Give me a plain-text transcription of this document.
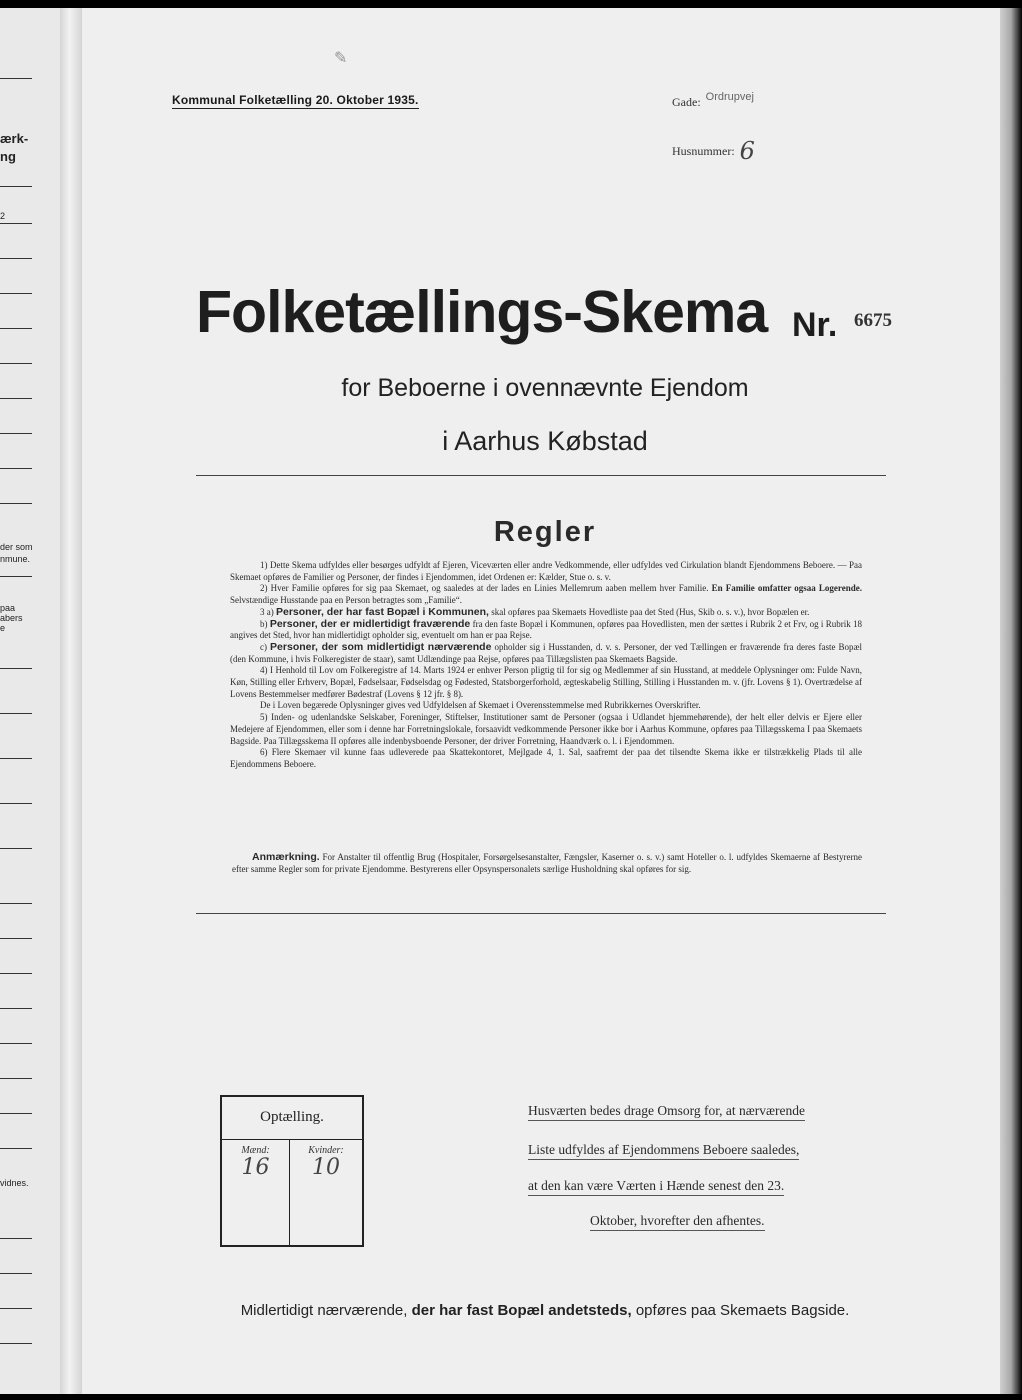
ærk-
ng
2
der som
nmune.
paa
abers
e
vidnes.
✎
Kommunal Folketælling 20. Oktober 1935.	Gade: Ordrupvej
Husnummer: 6
Folketællings-Skema Nr. 6675
for Beboerne i ovennævnte Ejendom
i Aarhus Købstad
Regler

1) Dette Skema udfyldes eller besørges udfyldt af Ejeren, Viceværten eller andre Vedkommende, eller udfyldes ved Cirkulation blandt Ejendommens Beboere. — Paa Skemaet opføres de Familier og Personer, der findes i Ejendommen, idet Ordenen er: Kælder, Stue o. s. v.

2) Hver Familie opføres for sig paa Skemaet, og saaledes at der lades en Linies Mellemrum aaben mellem hver Familie. En Familie omfatter ogsaa Logerende. Selvstændige Husstande paa en Person betragtes som „Familie“.

3 a) Personer, der har fast Bopæl i Kommunen, skal opføres paa Skemaets Hovedliste paa det Sted (Hus, Skib o. s. v.), hvor Bopælen er.

b) Personer, der er midlertidigt fraværende fra den faste Bopæl i Kommunen, opføres paa Hovedlisten, men der sættes i Rubrik 2 et Frv, og i Rubrik 18 angives det Sted, hvor han midlertidigt opholder sig, eventuelt om han er paa Rejse.

c) Personer, der som midlertidigt nærværende opholder sig i Husstanden, d. v. s. Personer, der ved Tællingen er fraværende fra deres faste Bopæl (den Kommune, i hvis Folkeregister de staar), samt Udlændinge paa Rejse, opføres paa Tillægslisten paa Skemaets Bagside.

4) I Henhold til Lov om Folkeregistre af 14. Marts 1924 er enhver Person pligtig til for sig og Medlemmer af sin Husstand, at meddele Oplysninger om: Fulde Navn, Køn, Stilling eller Erhverv, Bopæl, Fødselsaar, Fødselsdag og Fødested, Statsborgerforhold, ægteskabelig Stilling, Stilling i Husstanden m. v. (jfr. Lovens § 1). Overtrædelse af Lovens Bestemmelser medfører Bødestraf (Lovens § 12 jfr. § 8).

De i Loven begærede Oplysninger gives ved Udfyldelsen af Skemaet i Overensstemmelse med Rubrikkernes Overskrifter.

5) Inden- og udenlandske Selskaber, Foreninger, Stiftelser, Institutioner samt de Personer (ogsaa i Udlandet hjemmehørende), der helt eller delvis er Ejere eller Medejere af Ejendommen, eller som i denne har Forretningslokale, forsaavidt vedkommende Personer ikke bor i Aarhus Kommune, opføres paa Tillægsskema I paa Skemaets Bagside. Paa Tillægsskema II opføres alle indenbysboende Personer, der driver Forretning, Haandværk o. l. i Ejendommen.

6) Flere Skemaer vil kunne faas udleverede paa Skattekontoret, Mejlgade 4, 1. Sal, saafremt der paa det tilsendte Skema ikke er tilstrækkelig Plads til alle Ejendommens Beboere.

Anmærkning. For Anstalter til offentlig Brug (Hospitaler, Forsørgelsesanstalter, Fængsler, Kaserner o. s. v.) samt Hoteller o. l. udfyldes Skemaerne af Bestyrerne efter samme Regler som for private Ejendomme. Bestyrerens eller Opsynspersonalets særlige Husholdning skal opføres for sig.
Optælling.
Mænd:	Kvinder:
16	10
Husværten bedes drage Omsorg for, at nærværende
Liste udfyldes af Ejendommens Beboere saaledes,
at den kan være Værten i Hænde senest den 23.
Oktober, hvorefter den afhentes.
Midlertidigt nærværende, der har fast Bopæl andetsteds, opføres paa Skemaets Bagside.
